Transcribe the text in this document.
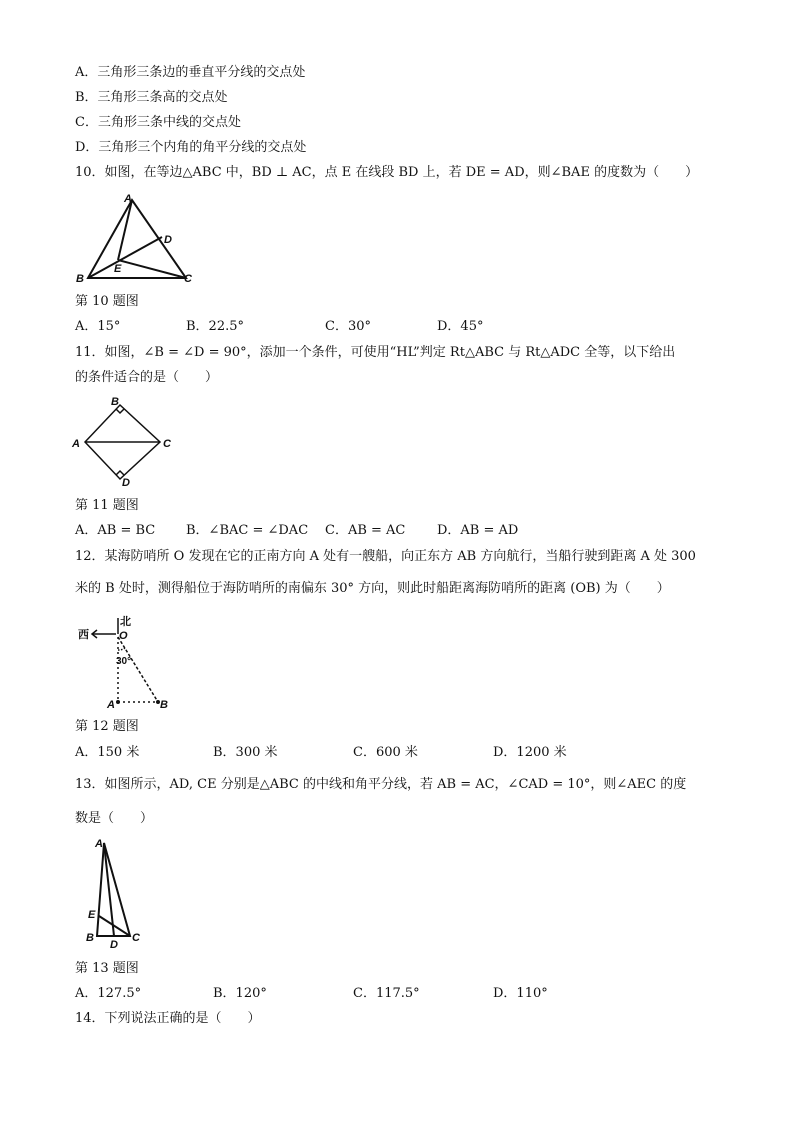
A．三角形三条边的垂直平分线的交点处
B．三角形三条高的交点处
C．三角形三条中线的交点处
D．三角形三个内角的角平分线的交点处
10．如图，在等边△ABC 中，BD ⊥ AC，点 E 在线段 BD 上，若 DE = AD，则∠BAE 的度数为（　　）
A
D
E
B	C
第 10 题图
A．15°	B．22.5°	C．30°	D．45°
11．如图，∠B = ∠D = 90°，添加一个条件，可使用“HL”判定 Rt△ABC 与 Rt△ADC 全等，以下给出
的条件适合的是（　　）
B
A	C
D
第 11 题图
A．AB = BC B．∠BAC = ∠DAC C．AB = AC D．AB = AD
12．某海防哨所 O 发现在它的正南方向 A 处有一艘船，向正东方 AB 方向航行，当船行驶到距离 A 处 300
米的 B 处时，测得船位于海防哨所的南偏东 30° 方向，则此时船距离海防哨所的距离 (OB) 为（　　）
北
西	O
30°
A	B
第 12 题图
A．150 米	B．300 米	C．600 米	D．1200 米
13．如图所示，AD, CE 分别是△ABC 的中线和角平分线，若 AB = AC，∠CAD = 10°，则∠AEC 的度
数是（　　）
A
E
B
D
C
第 13 题图
A．127.5°	B．120°	C．117.5°	D．110°
14．下列说法正确的是（　　）
